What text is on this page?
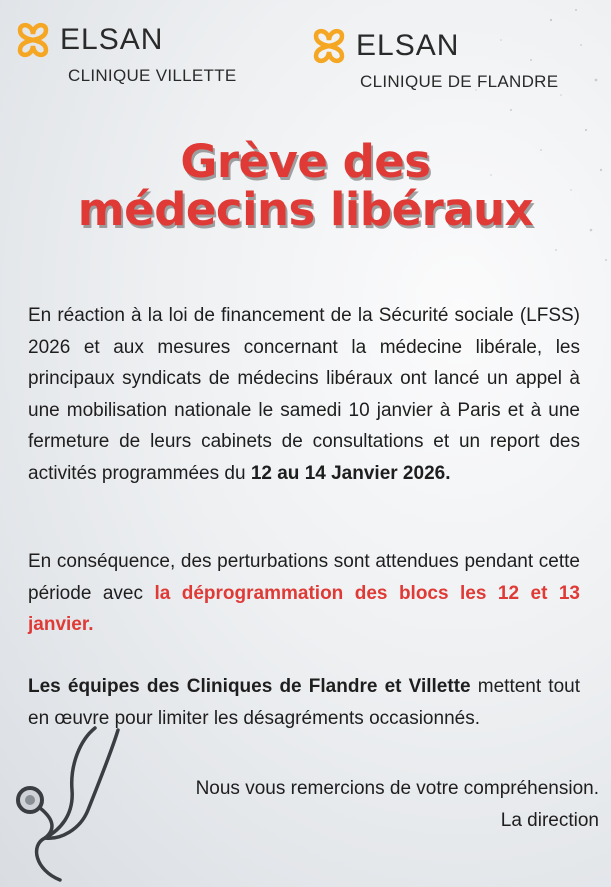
ELSAN
CLINIQUE VILLETTE
ELSAN
CLINIQUE DE FLANDRE
Grève des
médecins libéraux
En réaction à la loi de financement de la Sécurité sociale (LFSS) 2026 et aux mesures concernant la médecine libérale, les principaux syndicats de médecins libéraux ont lancé un appel à une mobilisation nationale le samedi 10 janvier à Paris et à une fermeture de leurs cabinets de consultations et un report des activités programmées du 12 au 14 Janvier 2026.
En conséquence, des perturbations sont attendues pendant cette période avec la déprogrammation des blocs les 12 et 13 janvier.
Les équipes des Cliniques de Flandre et Villette mettent tout en œuvre pour limiter les désagréments occasionnés.
Nous vous remercions de votre compréhension.
La direction
